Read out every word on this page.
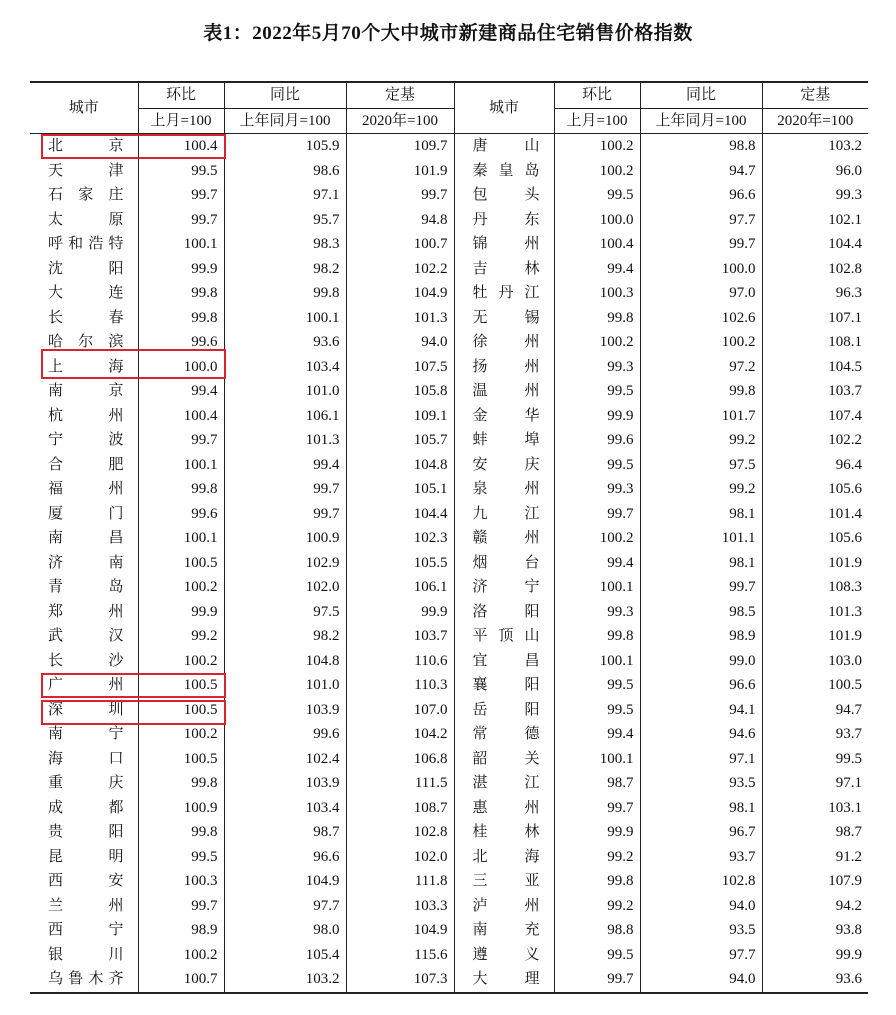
表1：2022年5月70个大中城市新建商品住宅销售价格指数
城市	环比	同比	定基	城市	环比	同比	定基
	上月=100	上年同月=100	2020年=100		上月=100	上年同月=100	2020年=100
北京	100.4	105.9	109.7	唐山	100.2	98.8	103.2
天津	99.5	98.6	101.9	秦皇岛	100.2	94.7	96.0
石家庄	99.7	97.1	99.7	包头	99.5	96.6	99.3
太原	99.7	95.7	94.8	丹东	100.0	97.7	102.1
呼和浩特	100.1	98.3	100.7	锦州	100.4	99.7	104.4
沈阳	99.9	98.2	102.2	吉林	99.4	100.0	102.8
大连	99.8	99.8	104.9	牡丹江	100.3	97.0	96.3
长春	99.8	100.1	101.3	无锡	99.8	102.6	107.1
哈尔滨	99.6	93.6	94.0	徐州	100.2	100.2	108.1
上海	100.0	103.4	107.5	扬州	99.3	97.2	104.5
南京	99.4	101.0	105.8	温州	99.5	99.8	103.7
杭州	100.4	106.1	109.1	金华	99.9	101.7	107.4
宁波	99.7	101.3	105.7	蚌埠	99.6	99.2	102.2
合肥	100.1	99.4	104.8	安庆	99.5	97.5	96.4
福州	99.8	99.7	105.1	泉州	99.3	99.2	105.6
厦门	99.6	99.7	104.4	九江	99.7	98.1	101.4
南昌	100.1	100.9	102.3	赣州	100.2	101.1	105.6
济南	100.5	102.9	105.5	烟台	99.4	98.1	101.9
青岛	100.2	102.0	106.1	济宁	100.1	99.7	108.3
郑州	99.9	97.5	99.9	洛阳	99.3	98.5	101.3
武汉	99.2	98.2	103.7	平顶山	99.8	98.9	101.9
长沙	100.2	104.8	110.6	宜昌	100.1	99.0	103.0
广州	100.5	101.0	110.3	襄阳	99.5	96.6	100.5
深圳	100.5	103.9	107.0	岳阳	99.5	94.1	94.7
南宁	100.2	99.6	104.2	常德	99.4	94.6	93.7
海口	100.5	102.4	106.8	韶关	100.1	97.1	99.5
重庆	99.8	103.9	111.5	湛江	98.7	93.5	97.1
成都	100.9	103.4	108.7	惠州	99.7	98.1	103.1
贵阳	99.8	98.7	102.8	桂林	99.9	96.7	98.7
昆明	99.5	96.6	102.0	北海	99.2	93.7	91.2
西安	100.3	104.9	111.8	三亚	99.8	102.8	107.9
兰州	99.7	97.7	103.3	泸州	99.2	94.0	94.2
西宁	98.9	98.0	104.9	南充	98.8	93.5	93.8
银川	100.2	105.4	115.6	遵义	99.5	97.7	99.9
乌鲁木齐	100.7	103.2	107.3	大理	99.7	94.0	93.6
